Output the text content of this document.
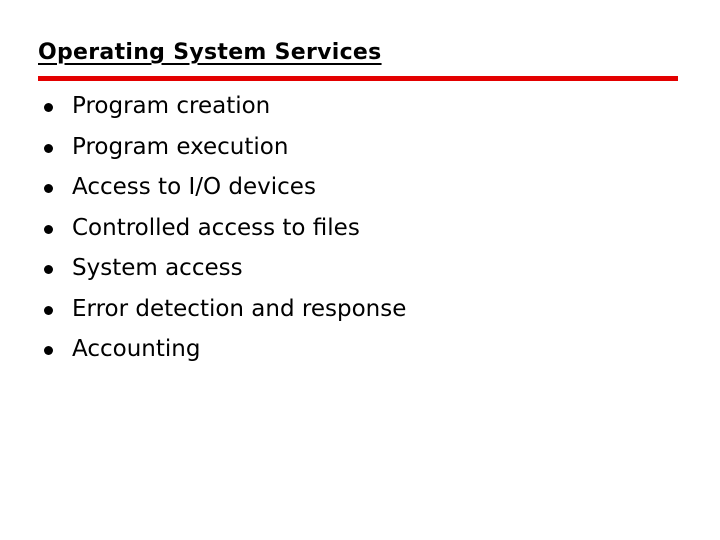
Operating System Services
Program creation
Program execution
Access to I/O devices
Controlled access to files
System access
Error detection and response
Accounting
